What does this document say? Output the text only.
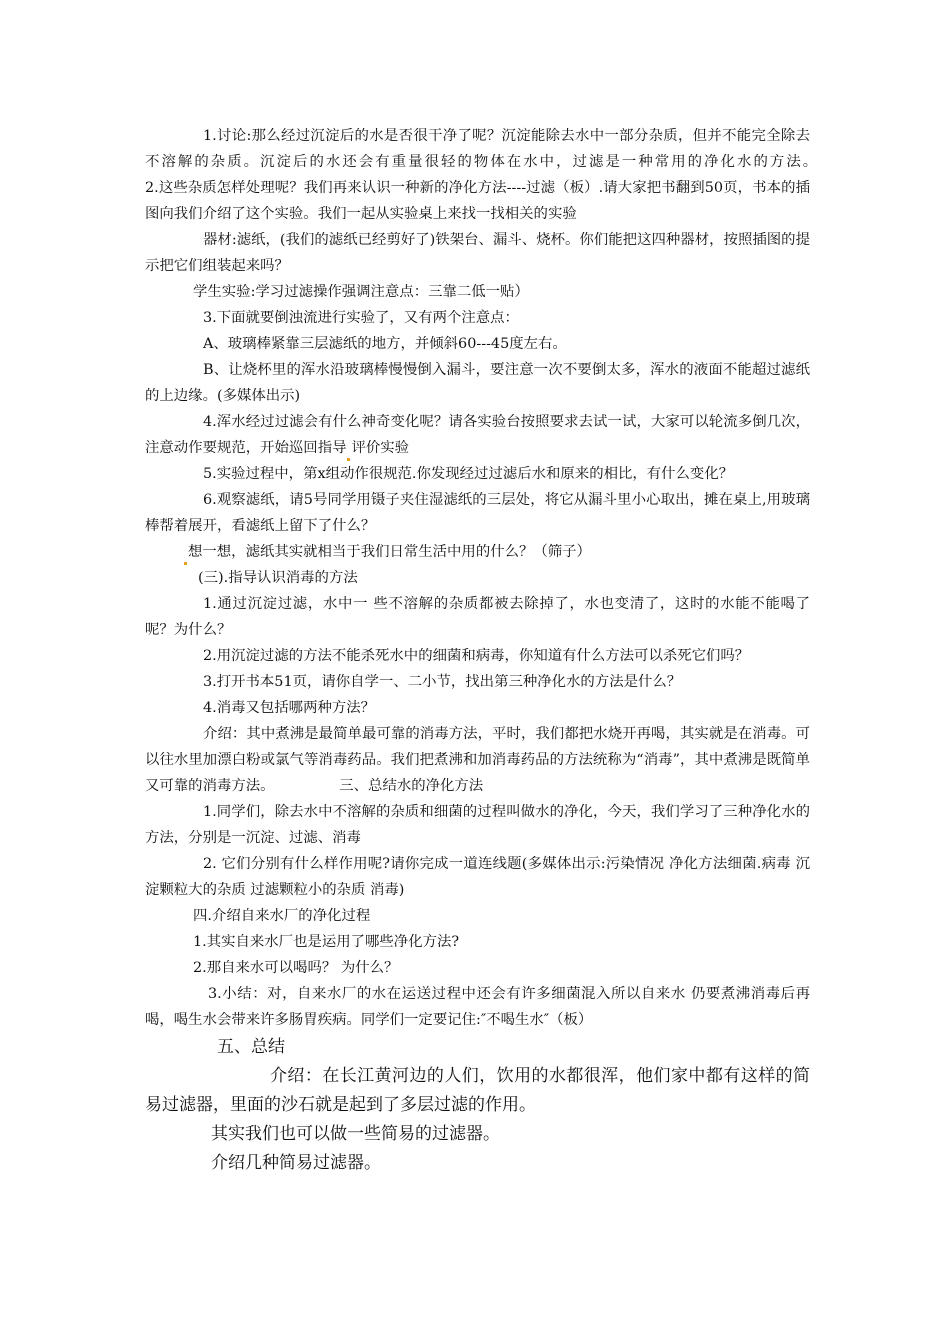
1.讨论:那么经过沉淀后的水是否很干净了呢？沉淀能除去水中一部分杂质，但并不能完全除去不溶解的杂质。沉淀后的水还会有重量很轻的物体在水中，过滤是一种常用的净化水的方法。　　　　　2.这些杂质怎样处理呢？我们再来认识一种新的净化方法----过滤（板）.请大家把书翻到50页，书本的插图向我们介绍了这个实验。我们一起从实验桌上来找一找相关的实验

器材:滤纸，(我们的滤纸已经剪好了)铁架台、漏斗、烧杯。你们能把这四种器材，按照插图的提示把它们组装起来吗？

学生实验:学习过滤操作强调注意点：三靠二低一贴）

3.下面就要倒浊流进行实验了，又有两个注意点：

A、玻璃棒紧靠三层滤纸的地方，并倾斜60---45度左右。

B、让烧杯里的浑水沿玻璃棒慢慢倒入漏斗，要注意一次不要倒太多，浑水的液面不能超过滤纸的上边缘。(多媒体出示)

4.浑水经过过滤会有什么神奇变化呢？请各实验台按照要求去试一试，大家可以轮流多倒几次，注意动作要规范，开始巡回指导 评价实验

5.实验过程中，第x组动作很规范.你发现经过过滤后水和原来的相比，有什么变化？

6.观察滤纸，请5号同学用镊子夹住湿滤纸的三层处，将它从漏斗里小心取出，摊在桌上,用玻璃棒帮着展开，看滤纸上留下了什么？

想一想，滤纸其实就相当于我们日常生活中用的什么？（筛子）

(三).指导认识消毒的方法

1.通过沉淀过滤，水中一 些不溶解的杂质都被去除掉了，水也变清了，这时的水能不能喝了呢？为什么？

2.用沉淀过滤的方法不能杀死水中的细菌和病毒，你知道有什么方法可以杀死它们吗？

3.打开书本51页，请你自学一、二小节，找出第三种净化水的方法是什么？

4.消毒又包括哪两种方法？

介绍：其中煮沸是最简单最可靠的消毒方法，平时，我们都把水烧开再喝，其实就是在消毒。可以往水里加漂白粉或氯气等消毒药品。我们把煮沸和加消毒药品的方法统称为“消毒”，其中煮沸是既简单又可靠的消毒方法。　　　　　三、总结水的净化方法

1.同学们，除去水中不溶解的杂质和细菌的过程叫做水的净化，今天，我们学习了三种净化水的方法，分别是一沉淀、过滤、消毒

2. 它们分别有什么样作用呢?请你完成一道连线题(多媒体出示:污染情况 净化方法细菌.病毒 沉淀颗粒大的杂质 过滤颗粒小的杂质 消毒)

四.介绍自来水厂的净化过程

1.其实自来水厂也是运用了哪些净化方法?

2.那自来水可以喝吗？ 为什么？

3.小结：对，自来水厂的水在运送过程中还会有许多细菌混入所以自来水 仍要煮沸消毒后再喝，喝生水会带来许多肠胃疾病。同学们一定要记住:″不喝生水″（板）

五、总结

介绍：在长江黄河边的人们，饮用的水都很浑，他们家中都有这样的简易过滤器，里面的沙石就是起到了多层过滤的作用。

其实我们也可以做一些简易的过滤器。

介绍几种简易过滤器。
